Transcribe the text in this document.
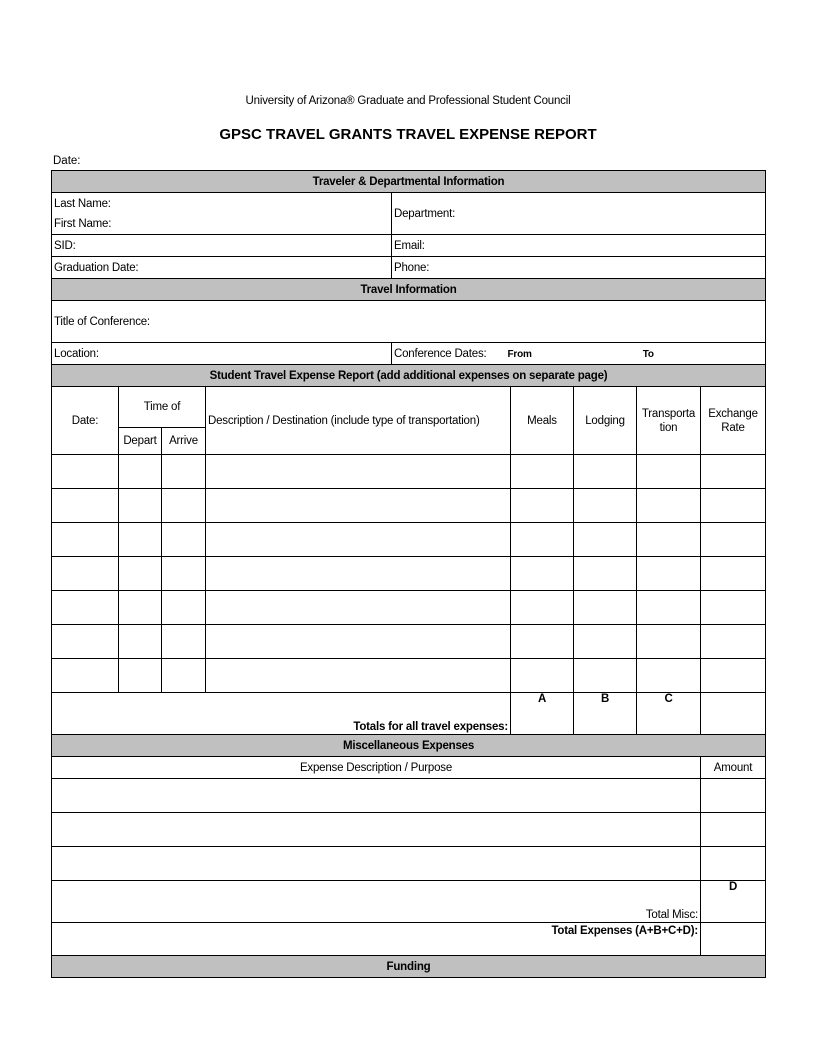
University of Arizona® Graduate and Professional Student Council
GPSC TRAVEL GRANTS TRAVEL EXPENSE REPORT
Date:
Traveler & Departmental Information								

Last Name:
First Name:				Department:				
SID:				Email:				
Graduation Date:				Phone:				
Travel Information								
Title of Conference:								
Location:				Conference Dates: From To				
Student Travel Expense Report (add additional expenses on separate page)								
Date:	Time of		Description / Destination (include type of transportation)		Meals	Lodging	Transporta tion	Exchange Rate
	Depart	Arrive						

Totals for all travel expenses:					A	B	C	
Miscellaneous Expenses								
Expense Description / Purpose								Amount

Total Misc:								D
Total Expenses (A+B+C+D):								
Funding								
